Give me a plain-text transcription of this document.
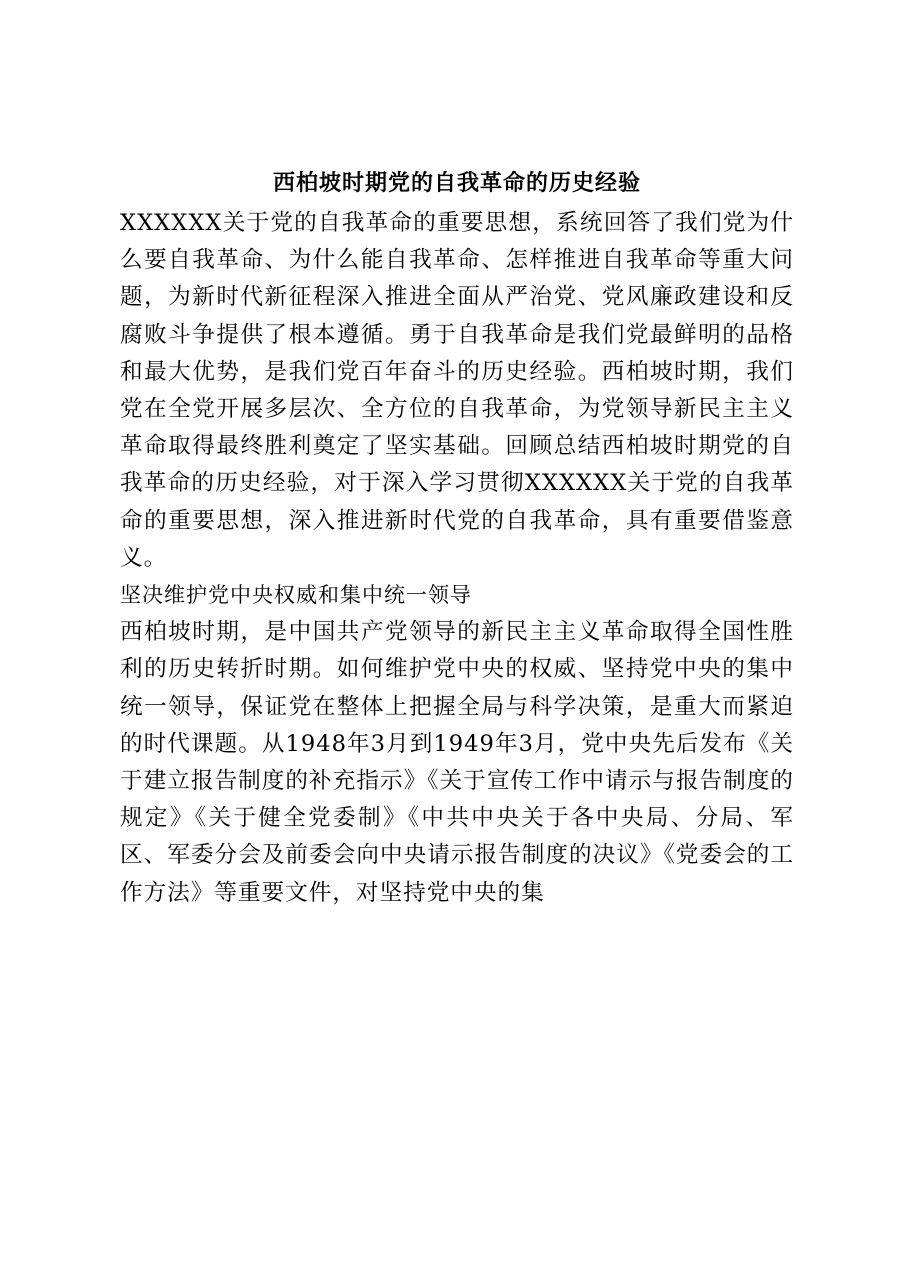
西柏坡时期党的自我革命的历史经验

XXXXXX关于党的自我革命的重要思想，系统回答了我们党为什么要自我革命、为什么能自我革命、怎样推进自我革命等重大问题，为新时代新征程深入推进全面从严治党、党风廉政建设和反腐败斗争提供了根本遵循。勇于自我革命是我们党最鲜明的品格和最大优势，是我们党百年奋斗的历史经验。西柏坡时期，我们党在全党开展多层次、全方位的自我革命，为党领导新民主主义革命取得最终胜利奠定了坚实基础。回顾总结西柏坡时期党的自我革命的历史经验，对于深入学习贯彻XXXXXX关于党的自我革命的重要思想，深入推进新时代党的自我革命，具有重要借鉴意义。

坚决维护党中央权威和集中统一领导

西柏坡时期，是中国共产党领导的新民主主义革命取得全国性胜利的历史转折时期。如何维护党中央的权威、坚持党中央的集中统一领导，保证党在整体上把握全局与科学决策，是重大而紧迫的时代课题。从1948年3月到1949年3月，党中央先后发布《关于建立报告制度的补充指示》《关于宣传工作中请示与报告制度的规定》《关于健全党委制》《中共中央关于各中央局、分局、军区、军委分会及前委会向中央请示报告制度的决议》《党委会的工作方法》等重要文件，对坚持党中央的集
